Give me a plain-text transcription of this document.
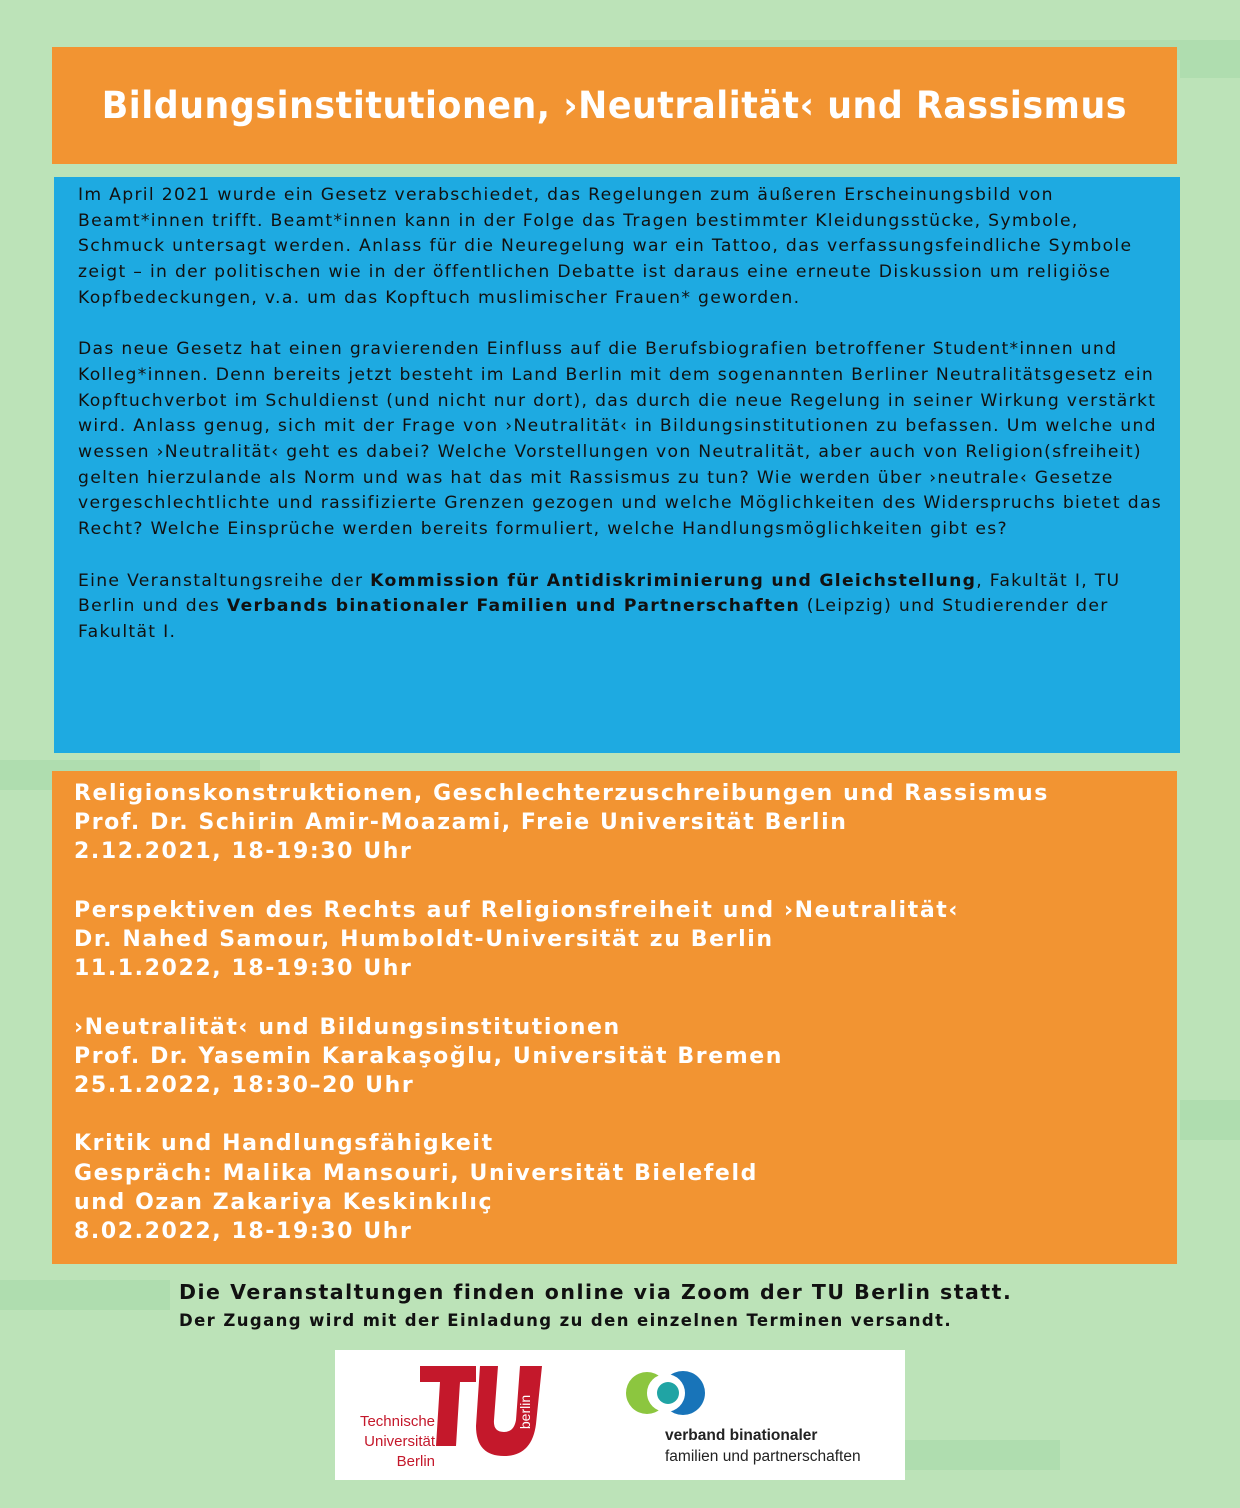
Bildungsinstitutionen, ›Neutralität‹ und Rassismus

Im April 2021 wurde ein Gesetz verabschiedet, das Regelungen zum äußeren Erscheinungsbild von Beamt*innen trifft. Beamt*innen kann in der Folge das Tragen bestimmter Kleidungsstücke, Symbole, Schmuck untersagt werden. Anlass für die Neuregelung war ein Tattoo, das verfassungsfeindliche Symbole zeigt – in der politischen wie in der öffentlichen Debatte ist daraus eine erneute Diskussion um religiöse Kopfbedeckungen, v.a. um das Kopftuch muslimischer Frauen* geworden.

Das neue Gesetz hat einen gravierenden Einfluss auf die Berufsbiografien betroffener Student*innen und Kolleg*innen. Denn bereits jetzt besteht im Land Berlin mit dem sogenannten Berliner Neutralitätsgesetz ein Kopftuchverbot im Schuldienst (und nicht nur dort), das durch die neue Regelung in seiner Wirkung verstärkt wird. Anlass genug, sich mit der Frage von ›Neutralität‹ in Bildungsinstitutionen zu befassen. Um welche und wessen ›Neutralität‹ geht es dabei? Welche Vorstellungen von Neutralität, aber auch von Religion(sfreiheit) gelten hierzulande als Norm und was hat das mit Rassismus zu tun? Wie werden über ›neutrale‹ Gesetze vergeschlechtlichte und rassifizierte Grenzen gezogen und welche Möglichkeiten des Widerspruchs bietet das Recht? Welche Einsprüche werden bereits formuliert, welche Handlungsmöglichkeiten gibt es?

Eine Veranstaltungsreihe der Kommission für Antidiskriminierung und Gleichstellung, Fakultät I, TU Berlin und des Verbands binationaler Familien und Partnerschaften (Leipzig) und Studierender der Fakultät I.

Religionskonstruktionen, Geschlechterzuschreibungen und Rassismus
Prof. Dr. Schirin Amir-Moazami, Freie Universität Berlin
2.12.2021, 18-19:30 Uhr
Perspektiven des Rechts auf Religionsfreiheit und ›Neutralität‹
Dr. Nahed Samour, Humboldt-Universität zu Berlin
11.1.2022, 18-19:30 Uhr
›Neutralität‹ und Bildungsinstitutionen
Prof. Dr. Yasemin Karakaşoğlu, Universität Bremen
25.1.2022, 18:30–20 Uhr
Kritik und Handlungsfähigkeit
Gespräch: Malika Mansouri, Universität Bielefeld
und Ozan Zakariya Keskinkılıç
8.02.2022, 18-19:30 Uhr
Die Veranstaltungen finden online via Zoom der TU Berlin statt.
Der Zugang wird mit der Einladung zu den einzelnen Terminen versandt.
Technische
Universität
Berlin
berlin
verband binationaler
familien und partnerschaften
